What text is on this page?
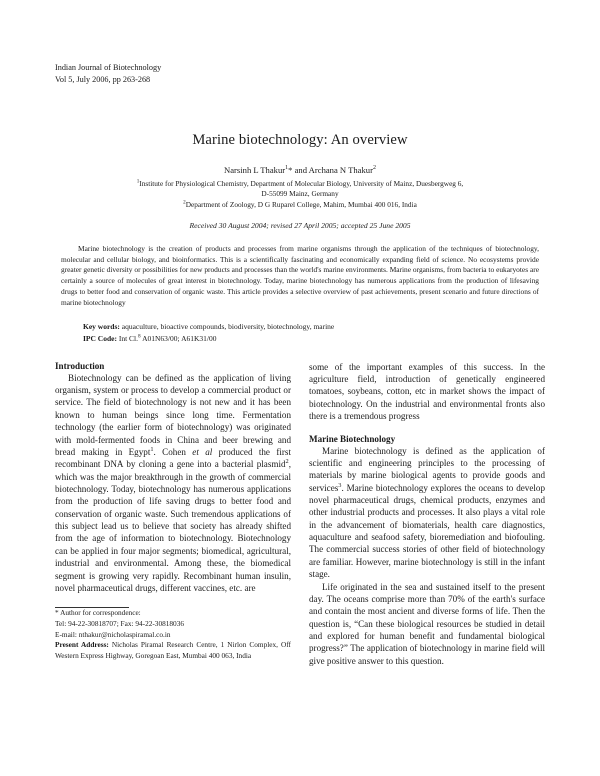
Indian Journal of Biotechnology
Vol 5, July 2006, pp 263-268
Marine biotechnology: An overview
Narsinh L Thakur$^1$* and Archana N Thakur$^2$
$^1$Institute for Physiological Chemistry, Department of Molecular Biology, University of Mainz, Duesbergweg 6,
D-55099 Mainz, Germany
$^2$Department of Zoology, D G Ruparel College, Mahim, Mumbai 400 016, India
Received 30 August 2004; revised 27 April 2005; accepted 25 June 2005

Marine biotechnology is the creation of products and processes from marine organisms through the application of the techniques of biotechnology, molecular and cellular biology, and bioinformatics. This is a scientifically fascinating and economically expanding field of science. No ecosystems provide greater genetic diversity or possibilities for new products and processes than the world's marine environments. Marine organisms, from bacteria to eukaryotes are certainly a source of molecules of great interest in biotechnology. Today, marine biotechnology has numerous applications from the production of lifesaving drugs to better food and conservation of organic waste. This article provides a selective overview of past achievements, present scenario and future directions of marine biotechnology

Key words: aquaculture, bioactive compounds, biodiversity, biotechnology, marine
IPC Code: Int Cl.$^8$ A01N63/00; A61K31/00
Introduction

Biotechnology can be defined as the application of living organism, system or process to develop a commercial product or service. The field of biotechnology is not new and it has been known to human beings since long time. Fermentation technology (the earlier form of biotechnology) was originated with mold-fermented foods in China and beer brewing and bread making in Egypt$^1$. Cohen et al produced the first recombinant DNA by cloning a gene into a bacterial plasmid$^2$, which was the major breakthrough in the growth of commercial biotechnology. Today, biotechnology has numerous applications from the production of life saving drugs to better food and conservation of organic waste. Such tremendous applications of this subject lead us to believe that society has already shifted from the age of information to biotechnology. Biotechnology can be applied in four major segments; biomedical, agricultural, industrial and environmental. Among these, the biomedical segment is growing very rapidly. Recombinant human insulin, novel pharmaceutical drugs, different vaccines, etc. are

* Author for correspondence:
Tel: 94-22-30818707; Fax: 94-22-30818036
E-mail: nthakur@nicholaspiramal.co.in
Present Address: Nicholas Piramal Research Centre, 1 Nirlon Complex, Off Western Express Highway, Goregoan East, Mumbai 400 063, India

some of the important examples of this success. In the agriculture field, introduction of genetically engineered tomatoes, soybeans, cotton, etc in market shows the impact of biotechnology. On the industrial and environmental fronts also there is a tremendous progress

Marine Biotechnology

Marine biotechnology is defined as the application of scientific and engineering principles to the processing of materials by marine biological agents to provide goods and services$^3$. Marine biotechnology explores the oceans to develop novel pharmaceutical drugs, chemical products, enzymes and other industrial products and processes. It also plays a vital role in the advancement of biomaterials, health care diagnostics, aquaculture and seafood safety, bioremediation and biofouling. The commercial success stories of other field of biotechnology are familiar. However, marine biotechnology is still in the infant stage.

Life originated in the sea and sustained itself to the present day. The oceans comprise more than 70% of the earth's surface and contain the most ancient and diverse forms of life. Then the question is, “Can these biological resources be studied in detail and explored for human benefit and fundamental biological progress?” The application of biotechnology in marine field will give positive answer to this question.
